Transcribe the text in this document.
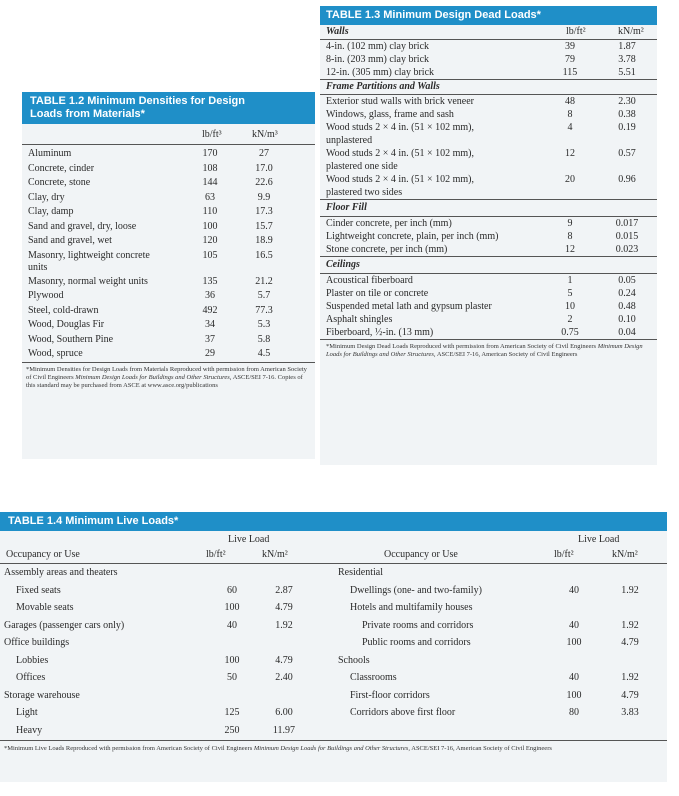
TABLE 1.3 Minimum Design Dead Loads*
Walls	lb/ft²	kN/m²
4-in. (102 mm) clay brick	39	1.87
8-in. (203 mm) clay brick	79	3.78
12-in. (305 mm) clay brick	115	5.51
Frame Partitions and Walls
Exterior stud walls with brick veneer	48	2.30
Windows, glass, frame and sash	8	0.38
Wood studs 2 × 4 in. (51 × 102 mm),
unplastered
4	0.19
Wood studs 2 × 4 in. (51 × 102 mm),
plastered one side
12	0.57
Wood studs 2 × 4 in. (51 × 102 mm),
plastered two sides
20	0.96
Floor Fill
Cinder concrete, per inch (mm)	9	0.017
Lightweight concrete, plain, per inch (mm)	8	0.015
Stone concrete, per inch (mm)	12	0.023
Ceilings
Acoustical fiberboard	1	0.05
Plaster on tile or concrete	5	0.24
Suspended metal lath and gypsum plaster	10	0.48
Asphalt shingles	2	0.10
Fiberboard, ½-in. (13 mm)	0.75	0.04
*Minimum Design Dead Loads Reproduced with permission from American Society of Civil Engineers Minimum Design Loads for Buildings and Other Structures, ASCE/SEI 7-16, American Society of Civil Engineers
TABLE 1.2 Minimum Densities for Design
Loads from Materials*
lb/ft³	kN/m³
Aluminum	170	27
Concrete, cinder	108	17.0
Concrete, stone	144	22.6
Clay, dry	63	9.9
Clay, damp	110	17.3
Sand and gravel, dry, loose	100	15.7
Sand and gravel, wet	120	18.9
Masonry, lightweight concrete
units
105	16.5
Masonry, normal weight units	135	21.2
Plywood	36	5.7
Steel, cold-drawn	492	77.3
Wood, Douglas Fir	34	5.3
Wood, Southern Pine	37	5.8
Wood, spruce	29	4.5
*Minimum Densities for Design Loads from Materials Reproduced with permission from American Society of Civil Engineers Minimum Design Loads for Buildings and Other Structures, ASCE/SEI 7-16. Copies of this standard may be purchased from ASCE at www.asce.org/publications
TABLE 1.4 Minimum Live Loads*
Live Load
Occupancy or Use	lb/ft²	kN/m²
Live Load
Occupancy or Use	lb/ft²	kN/m²
Assembly areas and theaters
Fixed seats	60	2.87
Movable seats	100	4.79
Garages (passenger cars only)	40	1.92
Office buildings
Lobbies	100	4.79
Offices	50	2.40
Storage warehouse
Light	125	6.00
Heavy	250	11.97
Residential
Dwellings (one- and two-family)	40	1.92
Hotels and multifamily houses
Private rooms and corridors	40	1.92
Public rooms and corridors	100	4.79
Schools
Classrooms	40	1.92
First-floor corridors	100	4.79
Corridors above first floor	80	3.83
*Minimum Live Loads Reproduced with permission from American Society of Civil Engineers Minimum Design Loads for Buildings and Other Structures, ASCE/SEI 7-16, American Society of Civil Engineers
